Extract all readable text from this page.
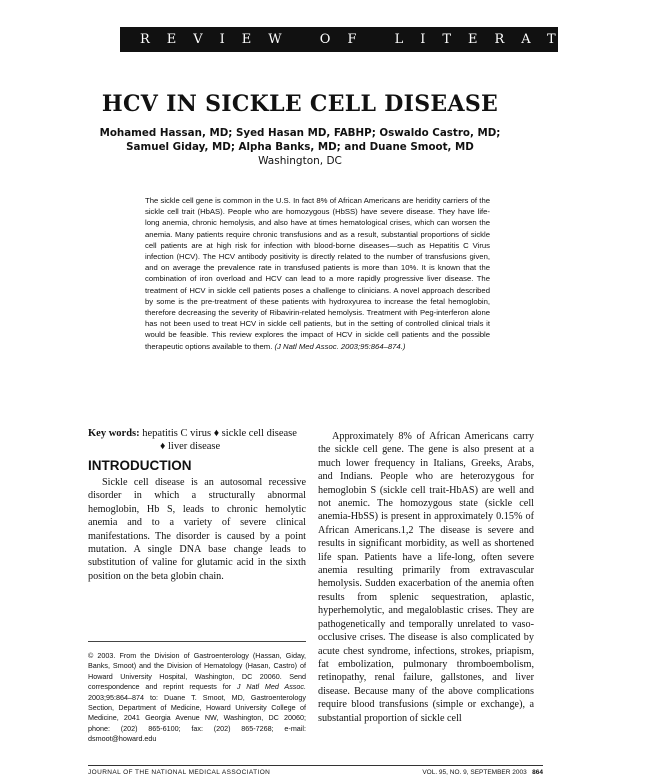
REVIEW OF LITERATURE
HCV IN SICKLE CELL DISEASE
Mohamed Hassan, MD; Syed Hasan MD, FABHP; Oswaldo Castro, MD;
Samuel Giday, MD; Alpha Banks, MD; and Duane Smoot, MD
Washington, DC

The sickle cell gene is common in the U.S. In fact 8% of African Americans are heridity carriers of the sickle cell trait (HbAS). People who are homozygous (HbSS) have severe disease. They have life-long anemia, chronic hemolysis, and also have at times hematological crises, which can worsen the anemia. Many patients require chronic transfusions and as a result, substantial proportions of sickle cell patients are at high risk for infection with blood-borne diseases—such as Hepatitis C Virus infection (HCV). The HCV antibody positivity is directly related to the number of transfusions given, and on average the prevalence rate in transfused patients is more than 10%. It is known that the combination of iron overload and HCV can lead to a more rapidly progressive liver disease. The treatment of HCV in sickle cell patients poses a challenge to clinicians. A novel approach described by some is the pre-treatment of these patients with hydroxyurea to increase the fetal hemoglobin, therefore decreasing the severity of Ribavirin-related hemolysis. Treatment with Peg-interferon alone has not been used to treat HCV in sickle cell patients, but in the setting of controlled clinical trials it would be feasible. This review explores the impact of HCV in sickle cell patients and the possible therapeutic options available to them. (J Natl Med Assoc. 2003;95:864–874.)

Key words: hepatitis C virus ♦ sickle cell disease
♦ liver disease
INTRODUCTION

Sickle cell disease is an autosomal recessive disorder in which a structurally abnormal hemoglobin, Hb S, leads to chronic hemolytic anemia and to a variety of severe clinical manifestations. The disorder is caused by a point mutation. A single DNA base change leads to substitution of valine for glutamic acid in the sixth position on the beta globin chain.

Approximately 8% of African Americans carry the sickle cell gene. The gene is also present at a much lower frequency in Italians, Greeks, Arabs, and Indians. People who are heterozygous for hemoglobin S (sickle cell trait-HbAS) are well and not anemic. The homozygous state (sickle cell anemia-HbSS) is present in approximately 0.15% of African Americans.1,2 The disease is severe and results in significant morbidity, as well as shortened life span. Patients have a life-long, often severe anemia resulting primarily from extravascular hemolysis. Sudden exacerbation of the anemia often results from splenic sequestration, aplastic, hyperhemolytic, and megaloblastic crises. They are pathogenetically and temporally unrelated to vaso-occlusive crises. The disease is also complicated by acute chest syndrome, infections, strokes, priapism, fat embolization, pulmonary thromboembolism, retinopathy, renal failure, gallstones, and liver disease. Because many of the above complications require blood transfusions (simple or exchange), a substantial proportion of sickle cell

© 2003. From the Division of Gastroenterology (Hassan, Giday, Banks, Smoot) and the Division of Hematology (Hasan, Castro) of Howard University Hospital, Washington, DC 20060. Send correspondence and reprint requests for J Natl Med Assoc. 2003;95:864–874 to: Duane T. Smoot, MD, Gastroenterology Section, Department of Medicine, Howard University College of Medicine, 2041 Georgia Avenue NW, Washington, DC 20060; phone: (202) 865-6100; fax: (202) 865-7268; e-mail: dsmoot@howard.edu

JOURNAL OF THE NATIONAL MEDICAL ASSOCIATION	VOL. 95, NO. 9, SEPTEMBER 2003 864
